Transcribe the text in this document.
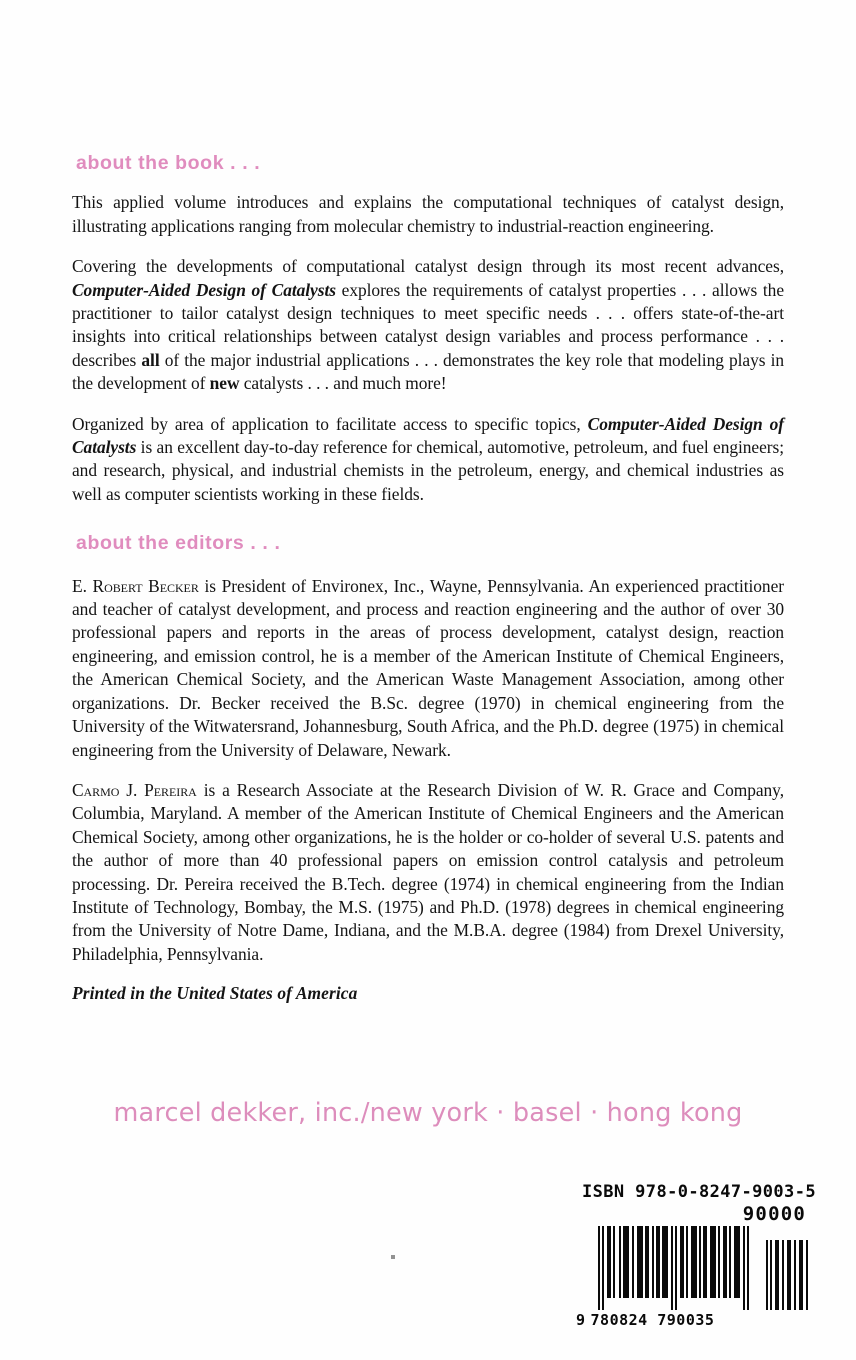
about the book . . .

This applied volume introduces and explains the computational techniques of catalyst design, illustrating applications ranging from molecular chemistry to industrial-reaction engineering.

Covering the developments of computational catalyst design through its most recent advances, Computer-Aided Design of Catalysts explores the requirements of catalyst properties . . . allows the practitioner to tailor catalyst design techniques to meet specific needs . . . offers state-of-the-art insights into critical relationships between catalyst design variables and process performance . . . describes all of the major industrial applications . . . demonstrates the key role that modeling plays in the development of new catalysts . . . and much more!

Organized by area of application to facilitate access to specific topics, Computer-Aided Design of Catalysts is an excellent day-to-day reference for chemical, automotive, petroleum, and fuel engineers; and research, physical, and industrial chemists in the petroleum, energy, and chemical industries as well as computer scientists working in these fields.

about the editors . . .

E. Robert Becker is President of Environex, Inc., Wayne, Pennsylvania. An experienced practitioner and teacher of catalyst development, and process and reaction engineering and the author of over 30 professional papers and reports in the areas of process development, catalyst design, reaction engineering, and emission control, he is a member of the American Institute of Chemical Engineers, the American Chemical Society, and the American Waste Management Association, among other organizations. Dr. Becker received the B.Sc. degree (1970) in chemical engineering from the University of the Witwatersrand, Johannesburg, South Africa, and the Ph.D. degree (1975) in chemical engineering from the University of Delaware, Newark.

Carmo J. Pereira is a Research Associate at the Research Division of W. R. Grace and Company, Columbia, Maryland. A member of the American Institute of Chemical Engineers and the American Chemical Society, among other organizations, he is the holder or co-holder of several U.S. patents and the author of more than 40 professional papers on emission control catalysis and petroleum processing. Dr. Pereira received the B.Tech. degree (1974) in chemical engineering from the Indian Institute of Technology, Bombay, the M.S. (1975) and Ph.D. (1978) degrees in chemical engineering from the University of Notre Dame, Indiana, and the M.B.A. degree (1984) from Drexel University, Philadelphia, Pennsylvania.

Printed in the United States of America

marcel dekker, inc./new york · basel · hong kong
ISBN 978-0-8247-9003-5
90000
9 780824 790035
